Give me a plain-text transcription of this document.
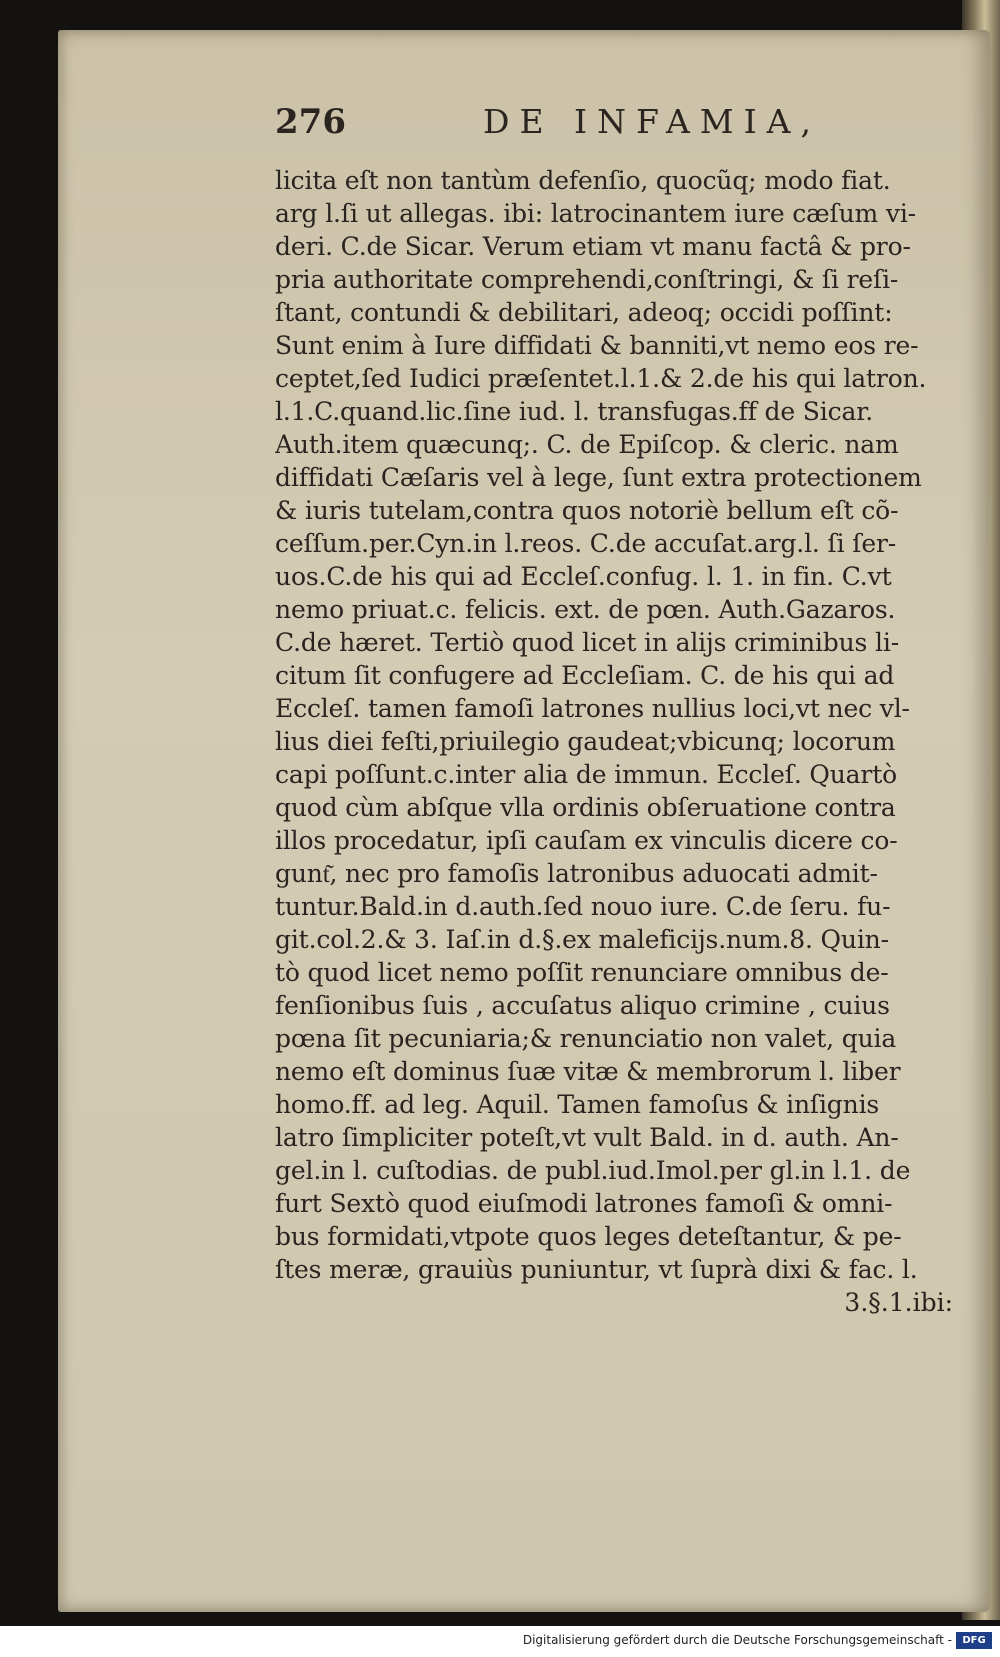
276	DE INFAMIA,
licita eſt non tantùm defenſio, quocũq; modo fiat.
arg l.ſi ut allegas. ibi: latrocinantem iure cæſum vi-
deri. C.de Sicar. Verum etiam vt manu factâ & pro-
pria authoritate comprehendi,conſtringi, & ſi reſi-
ſtant, contundi & debilitari, adeoq; occidi poſſint:
Sunt enim à Iure diffidati & banniti,vt nemo eos re-
ceptet,ſed Iudici præſentet.l.1.& 2.de his qui latron.
l.1.C.quand.lic.ſine iud. l. transfugas.ff de Sicar.
Auth.item quæcunq;. C. de Epiſcop. & cleric. nam
diffidati Cæſaris vel à lege, ſunt extra protectionem
& iuris tutelam,contra quos notoriè bellum eſt cõ-
ceſſum.per.Cyn.in l.reos. C.de accuſat.arg.l. ſi ſer-
uos.C.de his qui ad Eccleſ.confug. l. 1. in fin. C.vt
nemo priuat.c. felicis. ext. de pœn. Auth.Gazaros.
C.de hæret. Tertiò quod licet in alijs criminibus li-
citum ſit confugere ad Eccleſiam. C. de his qui ad
Eccleſ. tamen famoſi latrones nullius loci,vt nec vl-
lius diei feſti,priuilegio gaudeat;vbicunq; locorum
capi poſſunt.c.inter alia de immun. Eccleſ. Quartò
quod cùm abſque vlla ordinis obſeruatione contra
illos procedatur, ipſi cauſam ex vinculis dicere co-
gunt͂, nec pro famoſis latronibus aduocati admit-
tuntur.Bald.in d.auth.ſed nouo iure. C.de ſeru. fu-
git.col.2.& 3. Iaſ.in d.§.ex maleficijs.num.8. Quin-
tò quod licet nemo poſſit renunciare omnibus de-
fenſionibus ſuis , accuſatus aliquo crimine , cuius
pœna ſit pecuniaria;& renunciatio non valet, quia
nemo eſt dominus ſuæ vitæ & membrorum l. liber
homo.ff. ad leg. Aquil. Tamen famoſus & inſignis
latro ſimpliciter poteſt,vt vult Bald. in d. auth. An-
gel.in l. cuſtodias. de publ.iud.Imol.per gl.in l.1. de
furt Sextò quod eiuſmodi latrones famoſi & omni-
bus formidati,vtpote quos leges deteſtantur, & pe-
ſtes meræ, grauiùs puniuntur, vt ſuprà dixi & fac. l.
3.§.1.ibi:
Digitalisierung gefördert durch die Deutsche Forschungsgemeinschaft -	DFG
